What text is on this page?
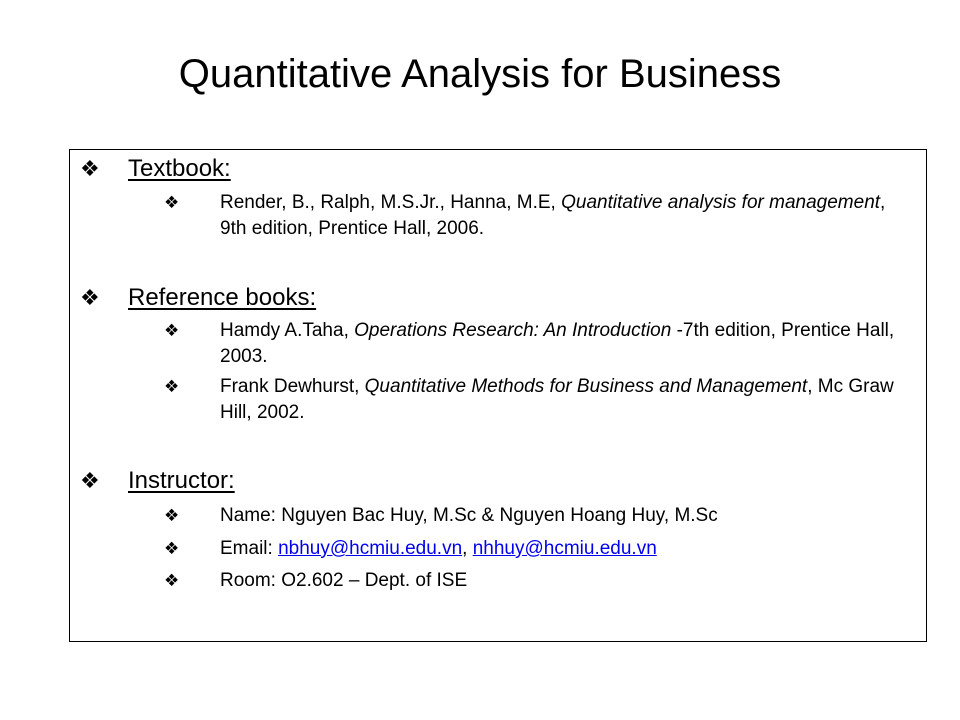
Quantitative Analysis for Business
❖	Textbook:
❖ Render, B., Ralph, M.S.Jr., Hanna, M.E, Quantitative analysis for management, 9th edition, Prentice Hall, 2006.
❖	Reference books:
❖ Hamdy A.Taha, Operations Research: An Introduction -7th edition, Prentice Hall, 2003.
❖ Frank Dewhurst, Quantitative Methods for Business and Management, Mc Graw Hill, 2002.
❖	Instructor:
❖ Name: Nguyen Bac Huy, M.Sc & Nguyen Hoang Huy, M.Sc
❖ Email: nbhuy@hcmiu.edu.vn, nhhuy@hcmiu.edu.vn
❖ Room: O2.602 – Dept. of ISE
